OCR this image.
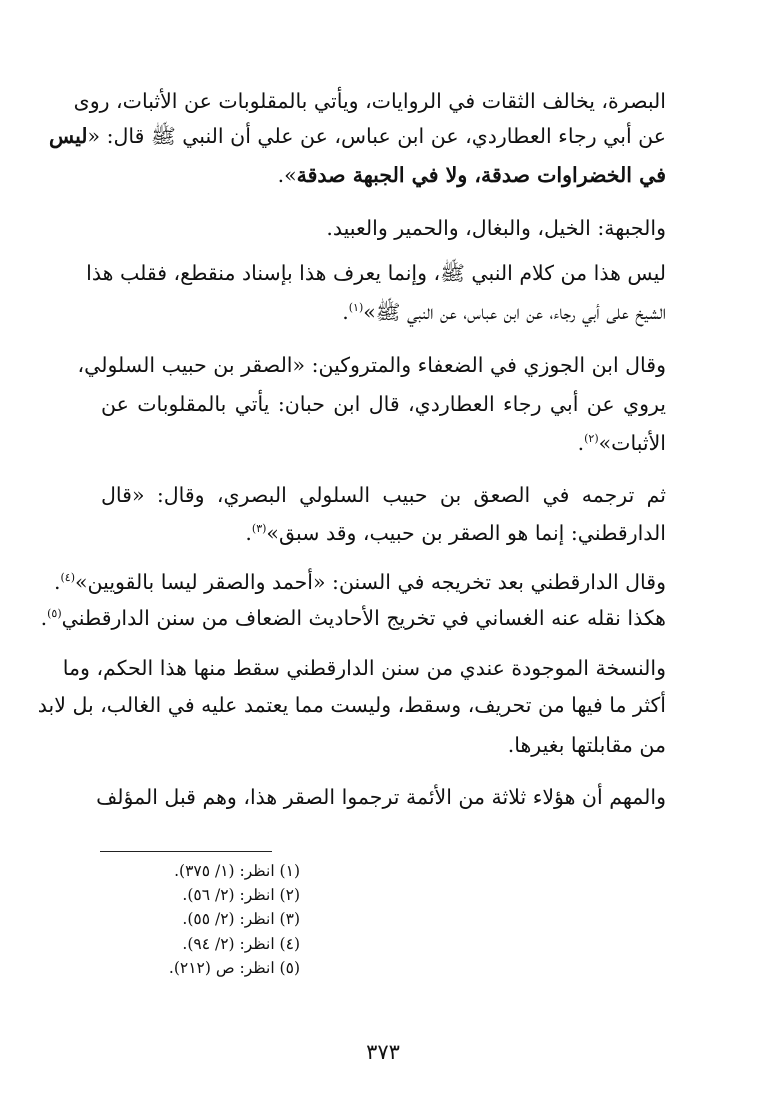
البصرة، يخالف الثقات في الروايات، ويأتي بالمقلوبات عن الأثبات، روى
عن أبي رجاء العطاردي، عن ابن عباس، عن علي أن النبي ﷺ قال: «ليس
في الخضراوات صدقة، ولا في الجبهة صدقة».
والجبهة: الخيل، والبغال، والحمير والعبيد.
ليس هذا من كلام النبي ﷺ، وإنما يعرف هذا بإسناد منقطع، فقلب هذا
الشيخ على أبي رجاء، عن ابن عباس، عن النبي ﷺ»$^{(١)}$.
وقال ابن الجوزي في الضعفاء والمتروكين: «الصقر بن حبيب السلولي،
يروي عن أبي رجاء العطاردي، قال ابن حبان: يأتي بالمقلوبات عن
الأثبات»$^{(٢)}$.
ثم ترجمه في الصعق بن حبيب السلولي البصري، وقال: «قال
الدارقطني: إنما هو الصقر بن حبيب، وقد سبق»$^{(٣)}$.
وقال الدارقطني بعد تخريجه في السنن: «أحمد والصقر ليسا بالقويين»$^{(٤)}$.
هكذا نقله عنه الغساني في تخريج الأحاديث الضعاف من سنن الدارقطني$^{(٥)}$.
والنسخة الموجودة عندي من سنن الدارقطني سقط منها هذا الحكم، وما
أكثر ما فيها من تحريف، وسقط، وليست مما يعتمد عليه في الغالب، بل لابد
من مقابلتها بغيرها.
والمهم أن هؤلاء ثلاثة من الأئمة ترجموا الصقر هذا، وهم قبل المؤلف
(١) انظر: (١/ ٣٧٥).
(٢) انظر: (٢/ ٥٦).
(٣) انظر: (٢/ ٥٥).
(٤) انظر: (٢/ ٩٤).
(٥) انظر: ص (٢١٢).
٣٧٣
